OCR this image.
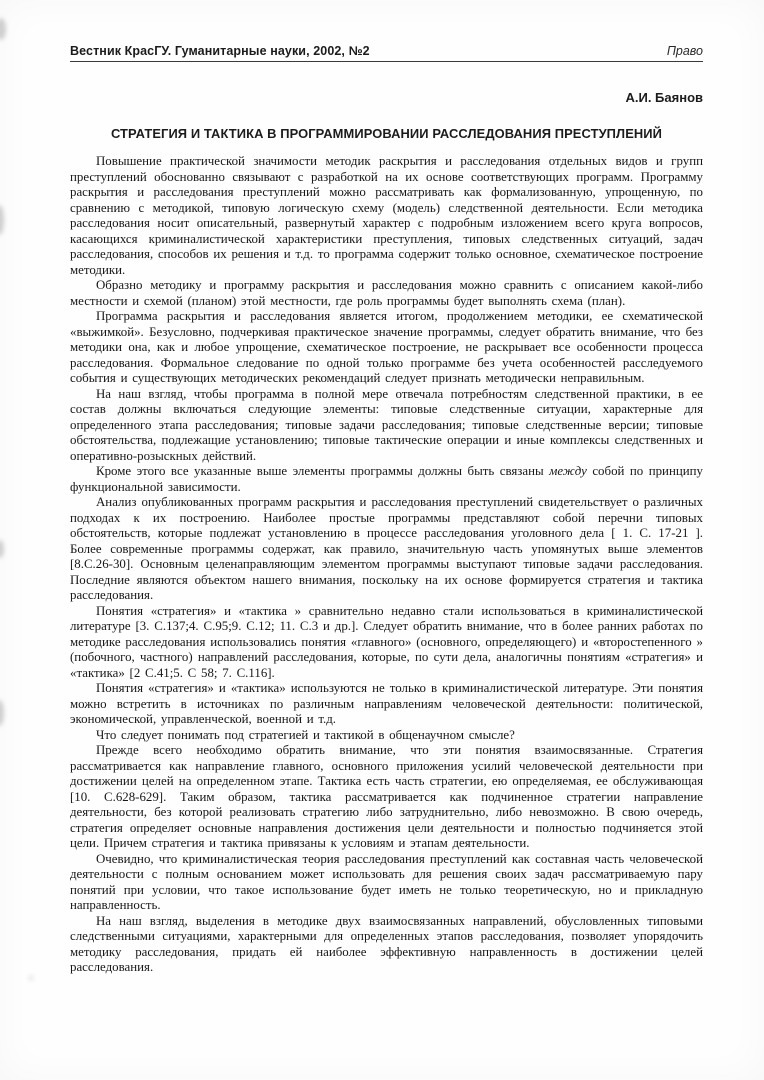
Вестник КрасГУ. Гуманитарные науки, 2002, №2	Право
А.И. Баянов
СТРАТЕГИЯ И ТАКТИКА В ПРОГРАММИРОВАНИИ РАССЛЕДОВАНИЯ ПРЕСТУПЛЕНИЙ

Повышение практической значимости методик раскрытия и расследования отдельных видов и групп преступлений обоснованно связывают с разработкой на их основе соответствующих программ. Программу раскрытия и расследования преступлений можно рассматривать как формализованную, упрощенную, по сравнению с методикой, типовую логическую схему (модель) следственной деятельности. Если методика расследования носит описательный, развернутый характер с подробным изложением всего круга вопросов, касающихся криминалистической характеристики преступления, типовых следственных ситуаций, задач расследования, способов их решения и т.д. то программа содержит только основное, схематическое построение методики.

Образно методику и программу раскрытия и расследования можно сравнить с описанием какой-либо местности и схемой (планом) этой местности, где роль программы будет выполнять схема (план).

Программа раскрытия и расследования является итогом, продолжением методики, ее схематической «выжимкой». Безусловно, подчеркивая практическое значение программы, следует обратить внимание, что без методики она, как и любое упрощение, схематическое построение, не раскрывает все особенности процесса расследования. Формальное следование по одной только программе без учета особенностей расследуемого события и существующих методических рекомендаций следует признать методически неправильным.

На наш взгляд, чтобы программа в полной мере отвечала потребностям следственной практики, в ее состав должны включаться следующие элементы: типовые следственные ситуации, характерные для определенного этапа расследования; типовые задачи расследования; типовые следственные версии; типовые обстоятельства, подлежащие установлению; типовые тактические операции и иные комплексы следственных и оперативно-розыскных действий.

Кроме этого все указанные выше элементы программы должны быть связаны между собой по принципу функциональной зависимости.

Анализ опубликованных программ раскрытия и расследования преступлений свидетельствует о различных подходах к их построению. Наиболее простые программы представляют собой перечни типовых обстоятельств, которые подлежат установлению в процессе расследования уголовного дела [ 1. С. 17-21 ]. Более современные программы содержат, как правило, значительную часть упомянутых выше элементов [8.С.26-30]. Основным целенаправляющим элементом программы выступают типовые задачи расследования. Последние являются объектом нашего внимания, поскольку на их основе формируется стратегия и тактика расследования.

Понятия «стратегия» и «тактика » сравнительно недавно стали использоваться в криминалистической литературе [3. С.137;4. С.95;9. С.12; 11. С.3 и др.]. Следует обратить внимание, что в более ранних работах по методике расследования использовались понятия «главного» (основного, определяющего) и «второстепенного » (побочного, частного) направлений расследования, которые, по сути дела, аналогичны понятиям «стратегия» и «тактика» [2 С.41;5. С 58; 7. С.116].

Понятия «стратегия» и «тактика» используются не только в криминалистической литературе. Эти понятия можно встретить в источниках по различным направлениям человеческой деятельности: политической, экономической, управленческой, военной и т.д.

Что следует понимать под стратегией и тактикой в общенаучном смысле?

Прежде всего необходимо обратить внимание, что эти понятия взаимосвязанные. Стратегия рассматривается как направление главного, основного приложения усилий человеческой деятельности при достижении целей на определенном этапе. Тактика есть часть стратегии, ею определяемая, ее обслуживающая [10. С.628-629]. Таким образом, тактика рассматривается как подчиненное стратегии направление деятельности, без которой реализовать стратегию либо затруднительно, либо невозможно. В свою очередь, стратегия определяет основные направления достижения цели деятельности и полностью подчиняется этой цели. Причем стратегия и тактика привязаны к условиям и этапам деятельности.

Очевидно, что криминалистическая теория расследования преступлений как составная часть человеческой деятельности с полным основанием может использовать для решения своих задач рассматриваемую пару понятий при условии, что такое использование будет иметь не только теоретическую, но и прикладную направленность.

На наш взгляд, выделения в методике двух взаимосвязанных направлений, обусловленных типовыми следственными ситуациями, характерными для определенных этапов расследования, позволяет упорядочить методику расследования, придать ей наиболее эффективную направленность в достижении целей расследования.
